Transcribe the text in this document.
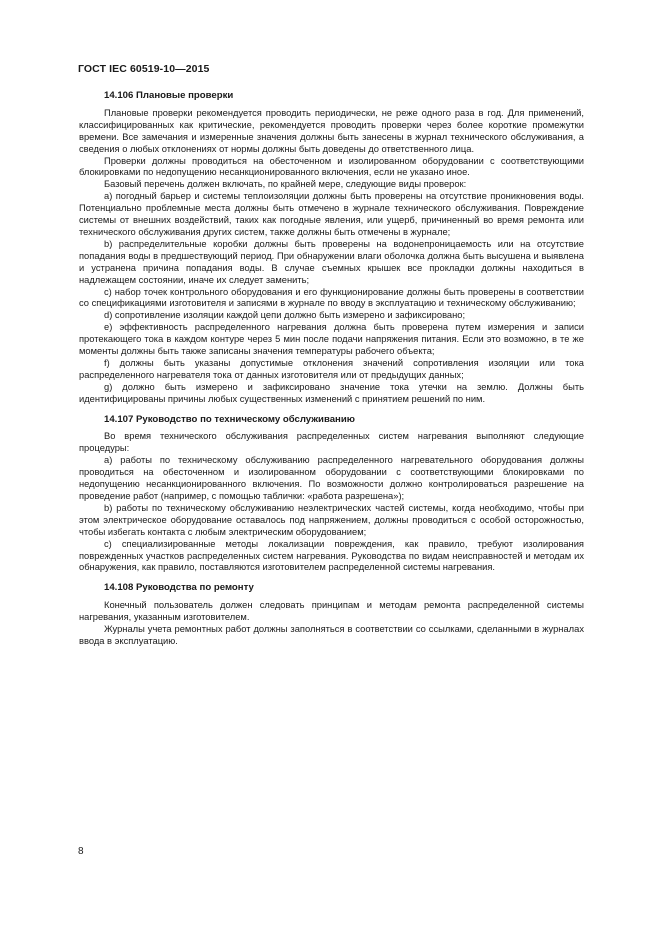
ГОСТ IEC 60519-10—2015
14.106 Плановые проверки

Плановые проверки рекомендуется проводить периодически, не реже одного раза в год. Для применений, классифицированных как критические, рекомендуется проводить проверки через более короткие промежутки времени. Все замечания и измеренные значения должны быть занесены в журнал технического обслуживания, а сведения о любых отклонениях от нормы должны быть доведены до ответственного лица.

Проверки должны проводиться на обесточенном и изолированном оборудовании с соответствующими блокировками по недопущению несанкционированного включения, если не указано иное.

Базовый перечень должен включать, по крайней мере, следующие виды проверок:

a) погодный барьер и системы теплоизоляции должны быть проверены на отсутствие проникновения воды. Потенциально проблемные места должны быть отмечено в журнале технического обслуживания. Повреждение системы от внешних воздействий, таких как погодные явления, или ущерб, причиненный во время ремонта или технического обслуживания других систем, также должны быть отмечены в журнале;

b) распределительные коробки должны быть проверены на водонепроницаемость или на отсутствие попадания воды в предшествующий период. При обнаружении влаги оболочка должна быть высушена и выявлена и устранена причина попадания воды. В случае съемных крышек все прокладки должны находиться в надлежащем состоянии, иначе их следует заменить;

c) набор точек контрольного оборудования и его функционирование должны быть проверены в соответствии со спецификациями изготовителя и записями в журнале по вводу в эксплуатацию и техническому обслуживанию;

d) сопротивление изоляции каждой цепи должно быть измерено и зафиксировано;

e) эффективность распределенного нагревания должна быть проверена путем измерения и записи протекающего тока в каждом контуре через 5 мин после подачи напряжения питания. Если это возможно, в те же моменты должны быть также записаны значения температуры рабочего объекта;

f) должны быть указаны допустимые отклонения значений сопротивления изоляции или тока распределенного нагревателя тока от данных изготовителя или от предыдущих данных;

g) должно быть измерено и зафиксировано значение тока утечки на землю. Должны быть идентифицированы причины любых существенных изменений с принятием решений по ним.

14.107 Руководство по техническому обслуживанию

Во время технического обслуживания распределенных систем нагревания выполняют следующие процедуры:

a) работы по техническому обслуживанию распределенного нагревательного оборудования должны проводиться на обесточенном и изолированном оборудовании с соответствующими блокировками по недопущению несанкционированного включения. По возможности должно контролироваться разрешение на проведение работ (например, с помощью таблички: «работа разрешена»);

b) работы по техническому обслуживанию неэлектрических частей системы, когда необходимо, чтобы при этом электрическое оборудование оставалось под напряжением, должны проводиться с особой осторожностью, чтобы избегать контакта с любым электрическим оборудованием;

c) специализированные методы локализации повреждения, как правило, требуют изолирования поврежденных участков распределенных систем нагревания. Руководства по видам неисправностей и методам их обнаружения, как правило, поставляются изготовителем распределенной системы нагревания.

14.108 Руководства по ремонту

Конечный пользователь должен следовать принципам и методам ремонта распределенной системы нагревания, указанным изготовителем.

Журналы учета ремонтных работ должны заполняться в соответствии со ссылками, сделанными в журналах ввода в эксплуатацию.

8
